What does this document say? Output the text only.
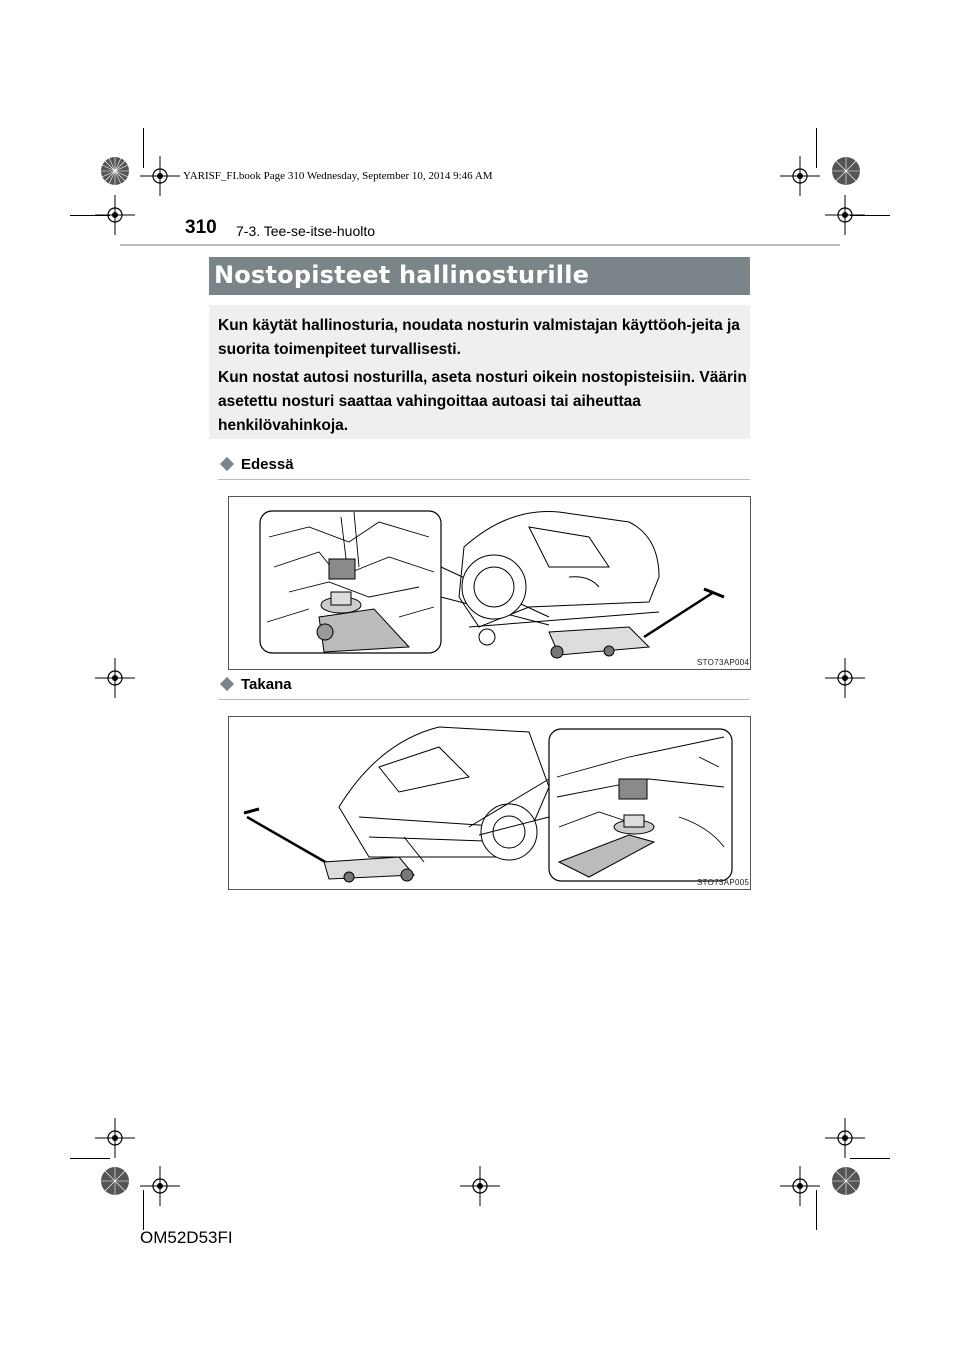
YARISF_FI.book Page 310 Wednesday, September 10, 2014 9:46 AM
310 7-3. Tee-se-itse-huolto
Nostopisteet hallinosturille
Kun käytät hallinosturia, noudata nosturin valmistajan käyttöoh-jeita ja suorita toimenpiteet turvallisesti.
Kun nostat autosi nosturilla, aseta nosturi oikein nostopisteisiin. Väärin asetettu nosturi saattaa vahingoittaa autoasi tai aiheuttaa henkilövahinkoja.
Edessä
STO73AP004
Takana
STO73AP005
OM52D53FI
